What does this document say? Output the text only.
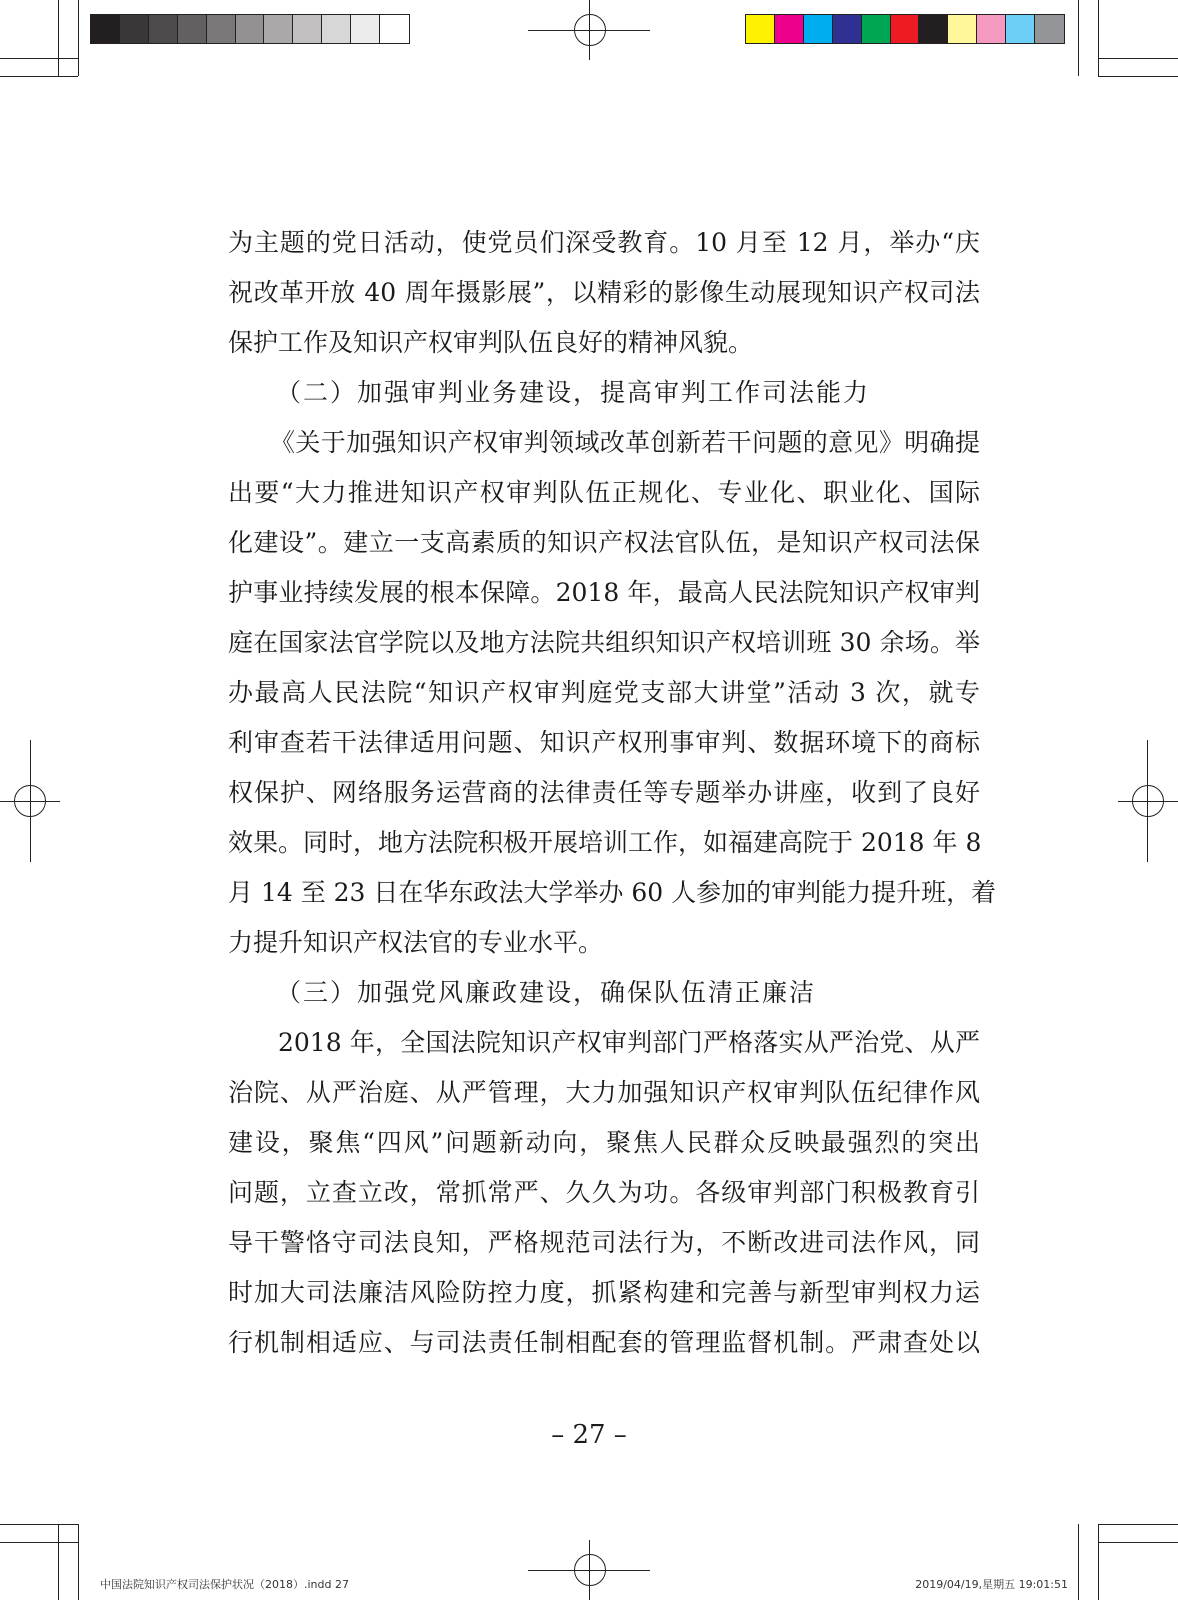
为主题的党日活动，使党员们深受教育。10 月至 12 月，举办“庆
祝改革开放 40 周年摄影展”，以精彩的影像生动展现知识产权司法
保护工作及知识产权审判队伍良好的精神风貌。
（二）加强审判业务建设，提高审判工作司法能力
《关于加强知识产权审判领域改革创新若干问题的意见》明确提
出要“大力推进知识产权审判队伍正规化、专业化、职业化、国际
化建设”。建立一支高素质的知识产权法官队伍，是知识产权司法保
护事业持续发展的根本保障。2018 年，最高人民法院知识产权审判
庭在国家法官学院以及地方法院共组织知识产权培训班 30 余场。举
办最高人民法院“知识产权审判庭党支部大讲堂”活动 3 次，就专
利审查若干法律适用问题、知识产权刑事审判、数据环境下的商标
权保护、网络服务运营商的法律责任等专题举办讲座，收到了良好
效果。同时，地方法院积极开展培训工作，如福建高院于 2018 年 8
月 14 至 23 日在华东政法大学举办 60 人参加的审判能力提升班，着
力提升知识产权法官的专业水平。
（三）加强党风廉政建设，确保队伍清正廉洁
2018 年，全国法院知识产权审判部门严格落实从严治党、从严
治院、从严治庭、从严管理，大力加强知识产权审判队伍纪律作风
建设，聚焦“四风”问题新动向，聚焦人民群众反映最强烈的突出
问题，立查立改，常抓常严、久久为功。各级审判部门积极教育引
导干警恪守司法良知，严格规范司法行为，不断改进司法作风，同
时加大司法廉洁风险防控力度，抓紧构建和完善与新型审判权力运
行机制相适应、与司法责任制相配套的管理监督机制。严肃查处以
– 27 –
中国法院知识产权司法保护状况（2018）.indd 27	2019/04/19,星期五 19:01:51
